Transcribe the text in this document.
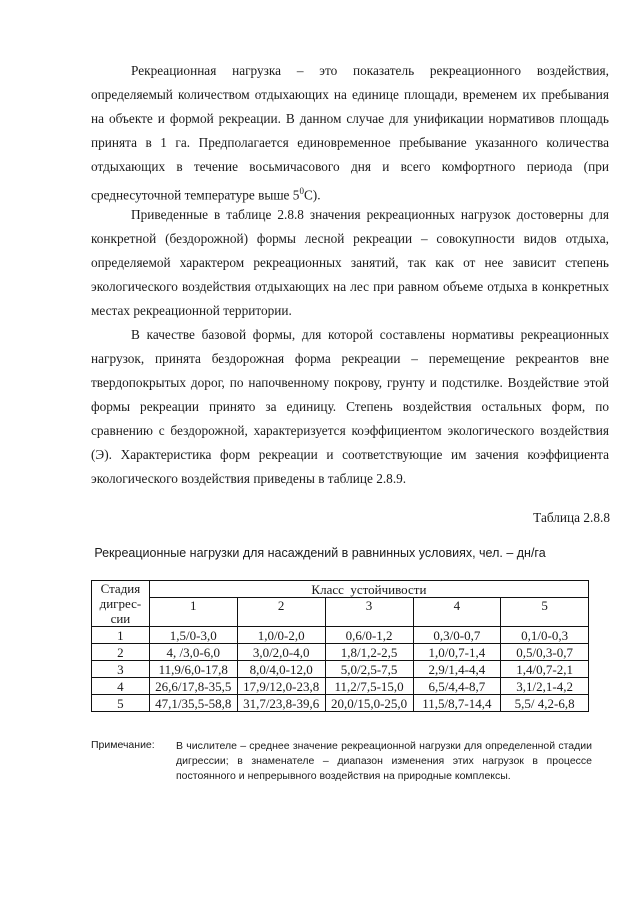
Рекреационная нагрузка – это показатель рекреационного воздействия, определяемый количеством отдыхающих на единице площади, временем их пребывания на объекте и формой рекреации. В данном случае для унификации нормативов площадь принята в 1 га. Предполагается единовременное пребывание указанного количества отдыхающих в течение восьмичасового дня и всего комфортного периода (при среднесуточной температуре выше $5^0С$).

Приведенные в таблице 2.8.8 значения рекреационных нагрузок достоверны для конкретной (бездорожной) формы лесной рекреации – совокупности видов отдыха, определяемой характером рекреационных занятий, так как от нее зависит степень экологического воздействия отдыхающих на лес при равном объеме отдыха в конкретных местах рекреационной территории.

В качестве базовой формы, для которой составлены нормативы рекреационных нагрузок, принята бездорожная форма рекреации – перемещение рекреантов вне твердопокрытых дорог, по напочвенному покрову, грунту и подстилке. Воздействие этой формы рекреации принято за единицу. Степень воздействия остальных форм, по сравнению с бездорожной, характеризуется коэффициентом экологического воздействия (Э). Характеристика форм рекреации и соответствующие им зачения коэффициента экологического воздействия приведены в таблице 2.8.9.

Таблица 2.8.8
Рекреационные нагрузки для насаждений в равнинных условиях, чел. – дн/га
Стадия
дигрес-
сии	Класс  устойчивости				
	1	2	3	4	5

1	1,5/0-3,0	1,0/0-2,0	0,6/0-1,2	0,3/0-0,7	0,1/0-0,3
2	4, /3,0-6,0	3,0/2,0-4,0	1,8/1,2-2,5	1,0/0,7-1,4	0,5/0,3-0,7
3	11,9/6,0-17,8	8,0/4,0-12,0	5,0/2,5-7,5	2,9/1,4-4,4	1,4/0,7-2,1
4	26,6/17,8-35,5	17,9/12,0-23,8	11,2/7,5-15,0	6,5/4,4-8,7	3,1/2,1-4,2
5	47,1/35,5-58,8	31,7/23,8-39,6	20,0/15,0-25,0	11,5/8,7-14,4	5,5/ 4,2-6,8
Примечание: В числителе – среднее значение рекреационной нагрузки для определенной стадии дигрессии; в знаменателе – диапазон изменения этих нагрузок в процессе постоянного и непрерывного воздействия на природные комплексы.
